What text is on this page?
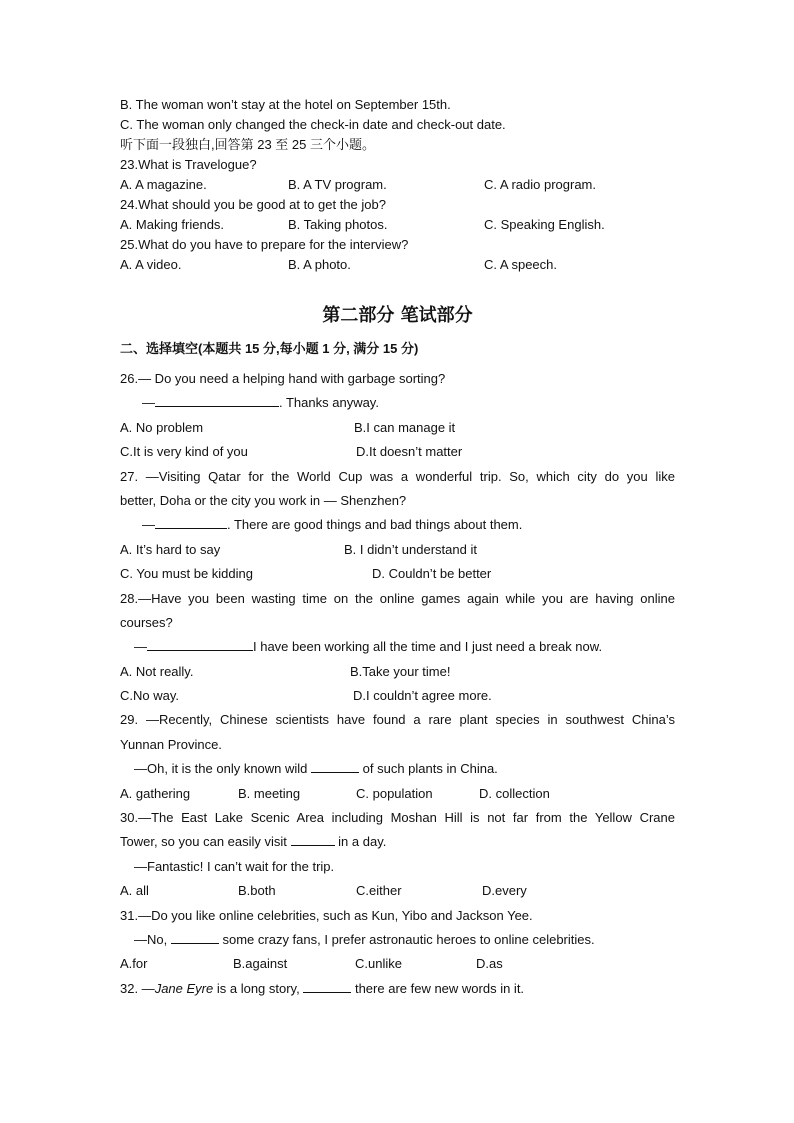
B. The woman won’t stay at the hotel on September 15th.
C. The woman only changed the check-in date and check-out date.
听下面一段独白,回答第 23 至 25 三个小题。
23.What is Travelogue?
A. A magazine.	B. A TV program.	C. A radio program.
24.What should you be good at to get the job?
A. Making friends.	B. Taking photos.	C. Speaking English.
25.What do you have to prepare for the interview?
A. A video.	B. A photo.	C. A speech.
第二部分 笔试部分
二、选择填空(本题共 15 分,每小题 1 分, 满分 15 分)
26.— Do you need a helping hand with garbage sorting?
—	. Thanks anyway.
A. No problem	B.I can manage it
C.It is very kind of you	D.It doesn’t matter
27. —Visiting Qatar for the World Cup was a wonderful trip. So, which city do you like
better, Doha or the city you work in — Shenzhen?
—	. There are good things and bad things about them.
A. It’s hard to say	B. I didn’t understand it
C. You must be kidding	D. Couldn’t be better
28.—Have you been wasting time on the online games again while you are having online
courses?
—	I have been working all the time and I just need a break now.
A. Not really.	B.Take your time!
C.No way.	D.I couldn’t agree more.
29. —Recently, Chinese scientists have found a rare plant species in southwest China’s
Yunnan Province.
—Oh, it is the only known wild	of such plants in China.
A. gathering	B. meeting	C. population	D. collection
30.—The East Lake Scenic Area including Moshan Hill is not far from the Yellow Crane
Tower, so you can easily visit	in a day.
—Fantastic! I can’t wait for the trip.
A. all	B.both	C.either	D.every
31.—Do you like online celebrities, such as Kun, Yibo and Jackson Yee.
—No,	some crazy fans, I prefer astronautic heroes to online celebrities.
A.for	B.against	C.unlike	D.as
32. —Jane Eyre is a long story,	there are few new words in it.
